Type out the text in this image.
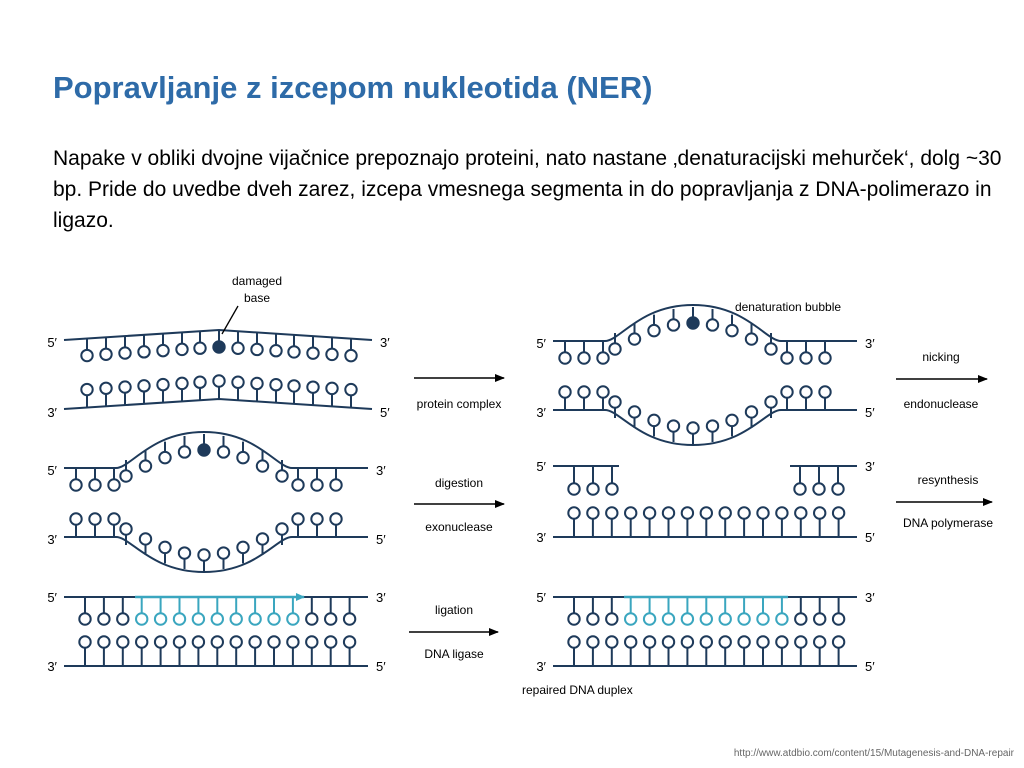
Popravljanje z izcepom nukleotida (NER)

Napake v obliki dvojne vijačnice prepoznajo proteini, nato nastane ‚denaturacijski mehurček‘, dolg ~30 bp. Pride do uvedbe dveh zarez, izcepa vmesnega segmenta in do popravljanja z DNA-polimerazo in ligazo.

5′	3′
3′	5′
5′	3′
3′	5′
5′	3′
3′	5′
5′	3′
3′	5′
5′	3′
3′	5′
5′	3′
3′	5′
damaged
base
denaturation bubble
repaired DNA duplex
protein complex
nicking
endonuclease
digestion
exonuclease
resynthesis
DNA polymerase
ligation
DNA ligase
http://www.atdbio.com/content/15/Mutagenesis-and-DNA-repair
